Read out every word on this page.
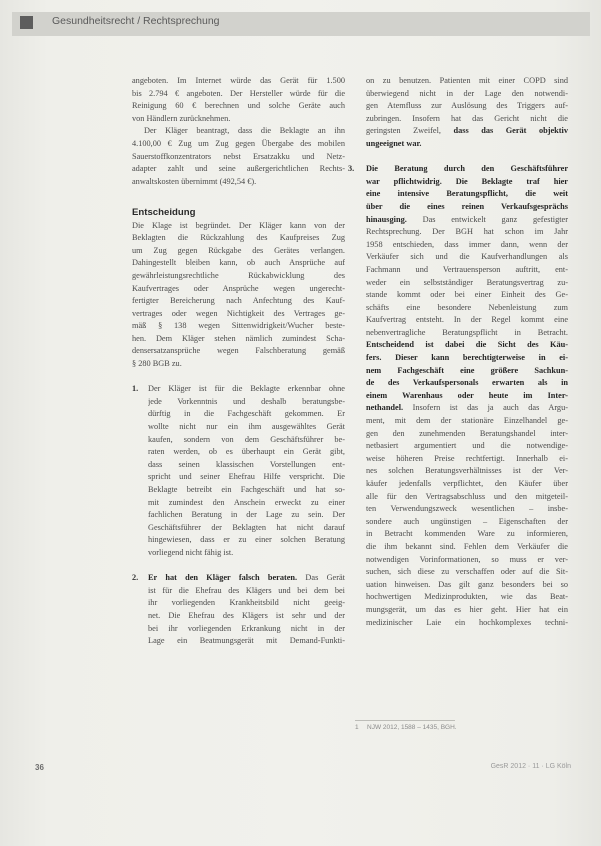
Gesundheitsrecht / Rechtsprechung
angeboten. Im Internet würde das Gerät für 1.500
bis 2.794 € angeboten. Der Hersteller würde für die
Reinigung 60 € berechnen und solche Geräte auch
von Händlern zurücknehmen.
Der Kläger beantragt, dass die Beklagte an ihn
4.100,00 € Zug um Zug gegen Übergabe des mobilen
Sauerstoffkonzentrators nebst Ersatzakku und Netz-
adapter zahlt und seine außergerichtlichen Rechts-
anwaltskosten übernimmt (492,54 €).
Entscheidung
Die Klage ist begründet. Der Kläger kann von der
Beklagten die Rückzahlung des Kaufpreises Zug
um Zug gegen Rückgabe des Gerätes verlangen.
Dahingestellt bleiben kann, ob auch Ansprüche auf
gewährleistungsrechtliche Rückabwicklung des
Kaufvertrages oder Ansprüche wegen ungerecht-
fertigter Bereicherung nach Anfechtung des Kauf-
vertrages oder wegen Nichtigkeit des Vertrages ge-
mäß § 138 wegen Sittenwidrigkeit/Wucher beste-
hen. Dem Kläger stehen nämlich zumindest Scha-
densersatzansprüche wegen Falschberatung gemäß
§ 280 BGB zu.
1. Der Kläger ist für die Beklagte erkennbar ohne
jede Vorkenntnis und deshalb beratungsbe-
dürftig in die Fachgeschäft gekommen. Er
wollte nicht nur ein ihm ausgewähltes Gerät
kaufen, sondern von dem Geschäftsführer be-
raten werden, ob es überhaupt ein Gerät gibt,
dass seinen klassischen Vorstellungen ent-
spricht und seiner Ehefrau Hilfe verspricht. Die
Beklagte betreibt ein Fachgeschäft und hat so-
mit zumindest den Anschein erweckt zu einer
fachlichen Beratung in der Lage zu sein. Der
Geschäftsführer der Beklagten hat nicht darauf
hingewiesen, dass er zu einer solchen Beratung
vorliegend nicht fähig ist.
2. Er hat den Kläger falsch beraten. Das Gerät
ist für die Ehefrau des Klägers und bei dem bei
ihr vorliegenden Krankheitsbild nicht geeig-
net. Die Ehefrau des Klägers ist sehr und der
bei ihr vorliegenden Erkrankung nicht in der
Lage ein Beatmungsgerät mit Demand-Funkti-
on zu benutzen. Patienten mit einer COPD sind
überwiegend nicht in der Lage den notwendi-
gen Atemfluss zur Auslösung des Triggers auf-
zubringen. Insofern hat das Gericht nicht die
geringsten Zweifel, dass das Gerät objektiv
ungeeignet war.
3. Die Beratung durch den Geschäftsführer
war pflichtwidrig. Die Beklagte traf hier
eine intensive Beratungspflicht, die weit
über die eines reinen Verkaufsgesprächs
hinausging. Das entwickelt ganz gefestigter
Rechtsprechung. Der BGH hat schon im Jahr
1958 entschieden, dass immer dann, wenn der
Verkäufer sich und die Kaufverhandlungen als
Fachmann und Vertrauensperson auftritt, ent-
weder ein selbstständiger Beratungsvertrag zu-
stande kommt oder bei einer Einheit des Ge-
schäfts eine besondere Nebenleistung zum
Kaufvertrag entsteht. In der Regel kommt eine
nebenvertragliche Beratungspflicht in Betracht.
Entscheidend ist dabei die Sicht des Käu-
fers. Dieser kann berechtigterweise in ei-
nem Fachgeschäft eine größere Sachkun-
de des Verkaufspersonals erwarten als in
einem Warenhaus oder heute im Inter-
nethandel. Insofern ist das ja auch das Argu-
ment, mit dem der stationäre Einzelhandel ge-
gen den zunehmenden Beratungshandel inter-
netbasiert argumentiert und die notwendige-
weise höheren Preise rechtfertigt. Innerhalb ei-
nes solchen Beratungsverhältnisses ist der Ver-
käufer jedenfalls verpflichtet, den Käufer über
alle für den Vertragsabschluss und den mitgeteil-
ten Verwendungszweck wesentlichen – insbe-
sondere auch ungünstigen – Eigenschaften der
in Betracht kommenden Ware zu informieren,
die ihm bekannt sind. Fehlen dem Verkäufer die
notwendigen Vorinformationen, so muss er ver-
suchen, sich diese zu verschaffen oder auf die Sit-
uation hinweisen. Das gilt ganz besonders bei so
hochwertigen Medizinprodukten, wie das Beat-
mungsgerät, um das es hier geht. Hier hat ein
medizinischer Laie ein hochkomplexes techni-
1 NJW 2012, 1588 – 1435, BGH.
36	GesR 2012 · 11 · LG Köln
